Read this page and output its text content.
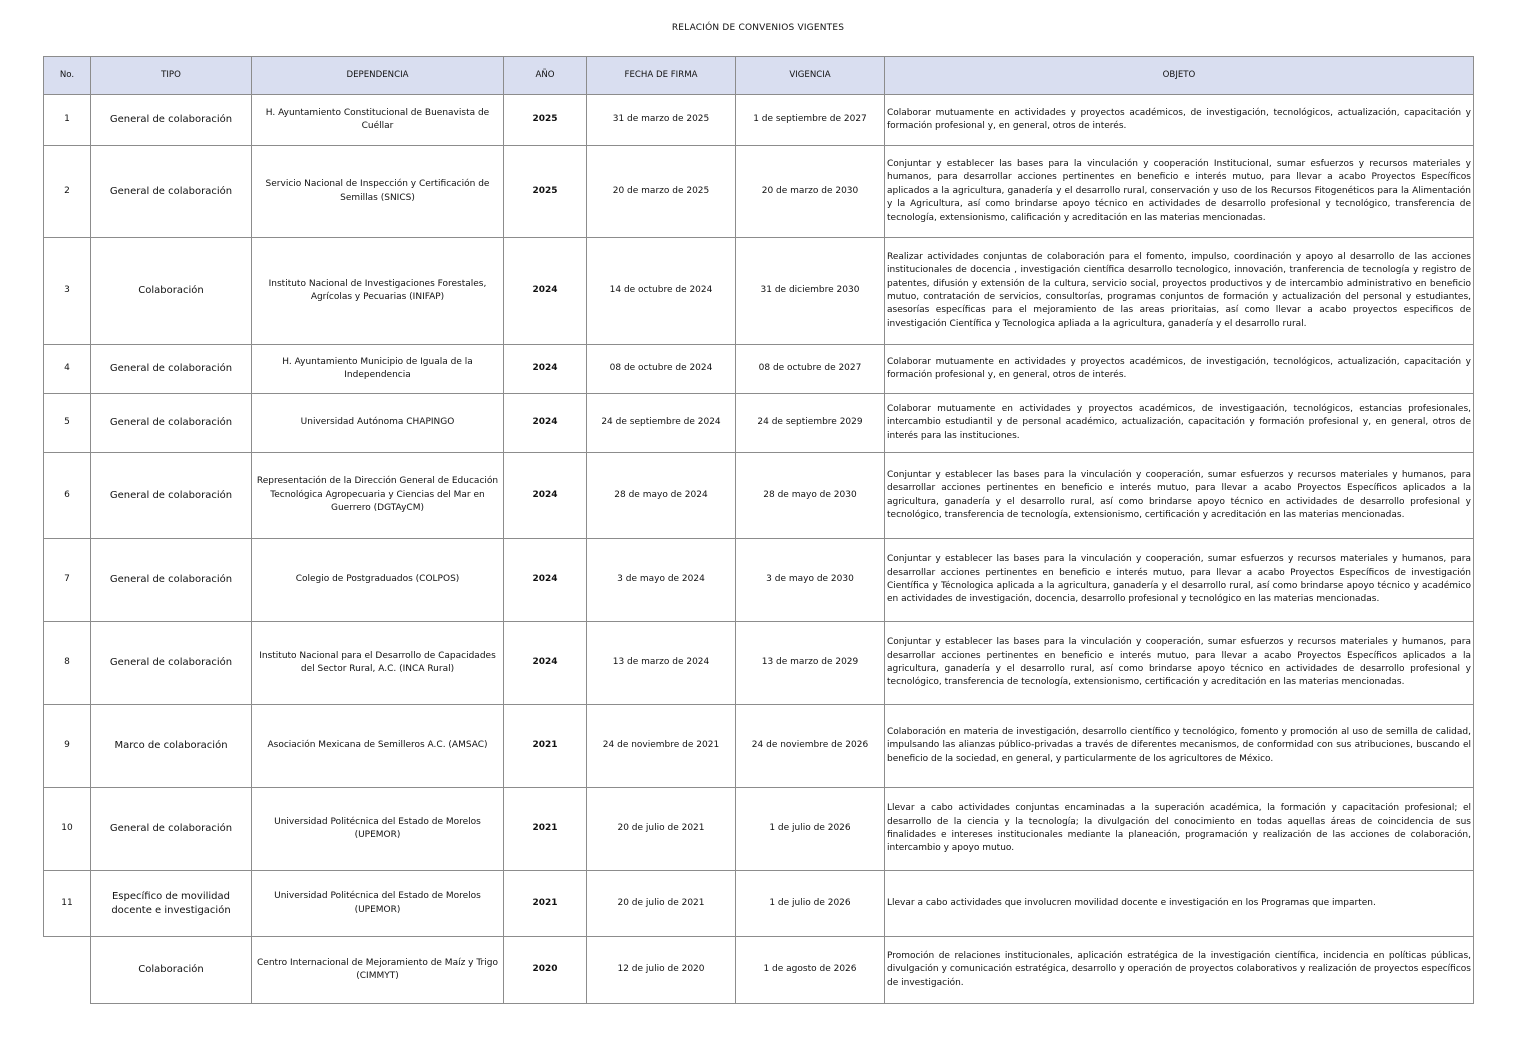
RELACIÓN DE CONVENIOS VIGENTES
No.	TIPO	DEPENDENCIA	AÑO	FECHA DE FIRMA	VIGENCIA	OBJETO
1	General de colaboración	H. Ayuntamiento Constitucional de Buenavista de Cuéllar	2025	31 de marzo de 2025	1 de septiembre de 2027	Colaborar mutuamente en actividades y proyectos académicos, de investigación, tecnológicos, actualización, capacitación y formación profesional y, en general, otros de interés.
2	General de colaboración	Servicio Nacional de Inspección y Certificación de Semillas (SNICS)	2025	20 de marzo de 2025	20 de marzo de 2030	Conjuntar y establecer las bases para la vinculación y cooperación Institucional, sumar esfuerzos y recursos materiales y humanos, para desarrollar acciones pertinentes en beneficio e interés mutuo, para llevar a acabo Proyectos Específicos aplicados a la agricultura, ganadería y el desarrollo rural, conservación y uso de los Recursos Fitogenéticos para la Alimentación y la Agricultura, así como brindarse apoyo técnico en actividades de desarrollo profesional y tecnológico, transferencia de tecnología, extensionismo, calificación y acreditación en las materias mencionadas.
3	Colaboración	Instituto Nacional de Investigaciones Forestales, Agrícolas y Pecuarias (INIFAP)	2024	14 de octubre de 2024	31 de diciembre 2030	Realizar actividades conjuntas de colaboración para el fomento, impulso, coordinación y apoyo al desarrollo de las acciones institucionales de docencia , investigación científica desarrollo tecnologico, innovación, tranferencia de tecnología y registro de patentes, difusión y extensión de la cultura, servicio social, proyectos productivos y de intercambio administrativo en beneficio mutuo, contratación de servicios, consultorías, programas conjuntos de formación y actualización del personal y estudiantes, asesorías específicas para el mejoramiento de las areas prioritaias, así como llevar a acabo proyectos especificos de investigación Científica y Tecnologica apliada a la agricultura, ganadería y el desarrollo rural.
4	General de colaboración	H. Ayuntamiento Municipio de Iguala de la Independencia	2024	08 de octubre de 2024	08 de octubre de 2027	Colaborar mutuamente en actividades y proyectos académicos, de investigación, tecnológicos, actualización, capacitación y formación profesional y, en general, otros de interés.
5	General de colaboración	Universidad Autónoma CHAPINGO	2024	24 de septiembre de 2024	24 de septiembre 2029	Colaborar mutuamente en actividades y proyectos académicos, de investigaación, tecnológicos, estancias profesionales, intercambio estudiantil y de personal académico, actualización, capacitación y formación profesional y, en general, otros de interés para las instituciones.
6	General de colaboración	Representación de la Dirección General de Educación Tecnológica Agropecuaria y Ciencias del Mar en Guerrero (DGTAyCM)	2024	28 de mayo de 2024	28 de mayo de 2030	Conjuntar y establecer las bases para la vinculación y cooperación, sumar esfuerzos y recursos materiales y humanos, para desarrollar acciones pertinentes en beneficio e interés mutuo, para llevar a acabo Proyectos Específicos aplicados a la agricultura, ganadería y el desarrollo rural, así como brindarse apoyo técnico en actividades de desarrollo profesional y tecnológico, transferencia de tecnología, extensionismo, certificación y acreditación en las materias mencionadas.
7	General de colaboración	Colegio de Postgraduados (COLPOS)	2024	3 de mayo de 2024	3 de mayo de 2030	Conjuntar y establecer las bases para la vinculación y cooperación, sumar esfuerzos y recursos materiales y humanos, para desarrollar acciones pertinentes en beneficio e interés mutuo, para llevar a acabo Proyectos Específicos de investigación Científica y Técnologica aplicada a la agricultura, ganadería y el desarrollo rural, así como brindarse apoyo técnico y académico en actividades de investigación, docencia, desarrollo profesional y tecnológico en las materias mencionadas.
8	General de colaboración	Instituto Nacional para el Desarrollo de Capacidades del Sector Rural, A.C. (INCA Rural)	2024	13 de marzo de 2024	13 de marzo de 2029	Conjuntar y establecer las bases para la vinculación y cooperación, sumar esfuerzos y recursos materiales y humanos, para desarrollar acciones pertinentes en beneficio e interés mutuo, para llevar a acabo Proyectos Específicos aplicados a la agricultura, ganadería y el desarrollo rural, así como brindarse apoyo técnico en actividades de desarrollo profesional y tecnológico, transferencia de tecnología, extensionismo, certificación y acreditación en las materias mencionadas.
9	Marco de colaboración	Asociación Mexicana de Semilleros A.C. (AMSAC)	2021	24 de noviembre de 2021	24 de noviembre de 2026	Colaboración en materia de investigación, desarrollo científico y tecnológico, fomento y promoción al uso de semilla de calidad, impulsando las alianzas público-privadas a través de diferentes mecanismos, de conformidad con sus atribuciones, buscando el beneficio de la sociedad, en general, y particularmente de los agricultores de México.
10	General de colaboración	Universidad Politécnica del Estado de Morelos (UPEMOR)	2021	20 de julio de 2021	1 de julio de 2026	Llevar a cabo actividades conjuntas encaminadas a la superación académica, la formación y capacitación profesional; el desarrollo de la ciencia y la tecnología; la divulgación del conocimiento en todas aquellas áreas de coincidencia de sus finalidades e intereses institucionales mediante la planeación, programación y realización de las acciones de colaboración, intercambio y apoyo mutuo.
11	Específico de movilidad docente e investigación	Universidad Politécnica del Estado de Morelos (UPEMOR)	2021	20 de julio de 2021	1 de julio de 2026	Llevar a cabo actividades que involucren movilidad docente e investigación en los Programas que imparten.
	Colaboración	Centro Internacional de Mejoramiento de Maíz y Trigo (CIMMYT)	2020	12 de julio de 2020	1 de agosto de 2026	Promoción de relaciones institucionales, aplicación estratégica de la investigación científica, incidencia en políticas públicas, divulgación y comunicación estratégica, desarrollo y operación de proyectos colaborativos y realización de proyectos específicos de investigación.
